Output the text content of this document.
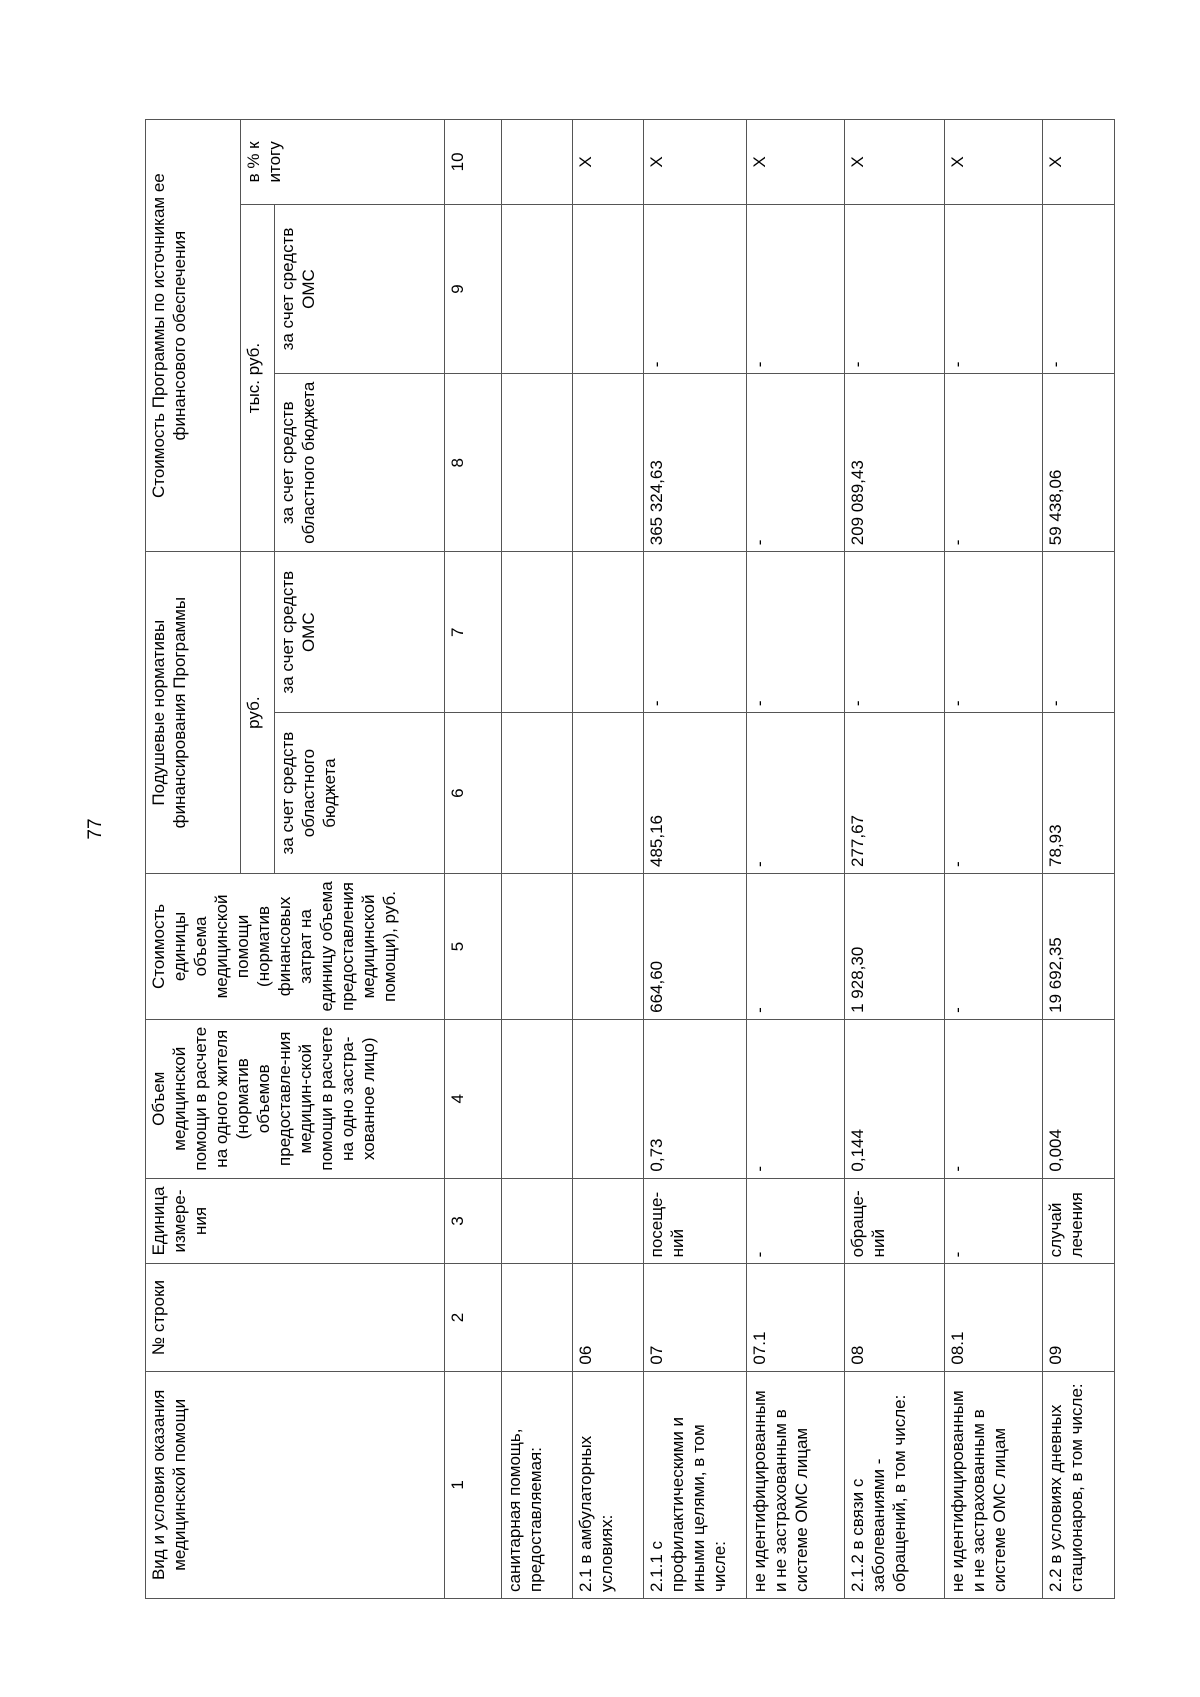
77
Вид и условия оказания медицинской помощи	№ строки	Единица измере-ния	Объем медицинской помощи в расчете на одного жителя (норматив объемов предоставле-ния медицин-ской помощи в расчете на одно застра-хованное лицо)	Стоимость единицы объема медицинской помощи (норматив финансовых затрат на единицу объема предоставления медицинской помощи), руб.	Подушевые нормативы финансирования Программы		Стоимость Программы по источникам ее финансового обеспечения		
					руб.		тыс. руб.		в % к итогу
					за счет средств областного бюджета	за счет средств ОМС	за счет средств областного бюджета	за счет средств ОМС	
1	2	3	4	5	6	7	8	9	10
санитарная помощь, предоставляемая:									
2.1 в амбулаторных условиях:	06								X
2.1.1 с профилактическими и иными целями, в том числе:	07	посеще-ний	0,73	664,60	485,16	-	365 324,63	-	X
не идентифицированным и не застрахованным в системе ОМС лицам	07.1	-	-	-	-	-	-	-	X
2.1.2 в связи с заболеваниями - обращений, в том числе:	08	обраще-ний	0,144	1 928,30	277,67	-	209 089,43	-	X
не идентифицированным и не застрахованным в системе ОМС лицам	08.1	-	-	-	-	-	-	-	X
2.2 в условиях дневных стационаров, в том числе:	09	случай лечения	0,004	19 692,35	78,93	-	59 438,06	-	X
